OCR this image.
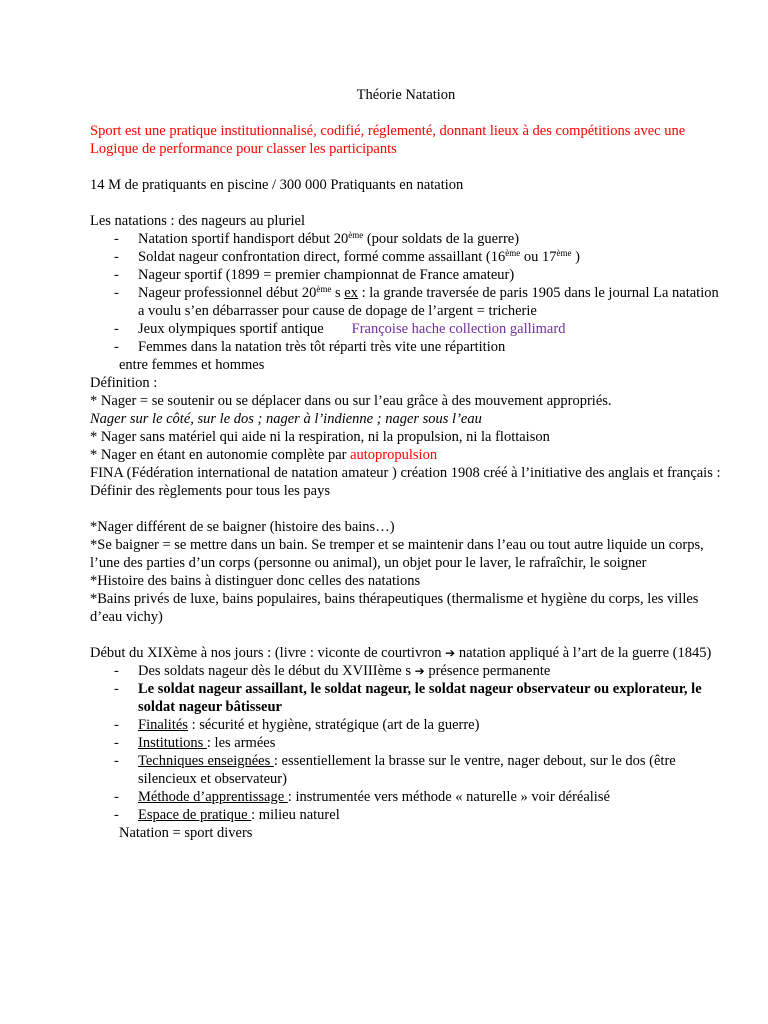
Théorie Natation

Sport est une pratique institutionnalisé, codifié, réglementé, donnant lieux à des compétitions avec une Logique de performance pour classer les participants

14 M de pratiquants en piscine / 300 000 Pratiquants en natation

Les natations : des nageurs au pluriel

- Natation sportif handisport début 20ème (pour soldats de la guerre)
- Soldat nageur confrontation direct, formé comme assaillant (16ème ou 17ème )
- Nageur sportif (1899 = premier championnat de France amateur)
- Nageur professionnel début 20ème s ex : la grande traversée de paris 1905 dans le journal La natation a voulu s’en débarrasser pour cause de dopage de l’argent = tricherie
- Jeux olympiques sportif antique Françoise hache collection gallimard
- Femmes dans la natation très tôt réparti très vite une répartition

entre femmes et hommes

Définition :

* Nager = se soutenir ou se déplacer dans ou sur l’eau grâce à des mouvement appropriés.

Nager sur le côté, sur le dos ; nager à l’indienne ; nager sous l’eau

* Nager sans matériel qui aide ni la respiration, ni la propulsion, ni la flottaison

* Nager en étant en autonomie complète par autopropulsion

FINA (Fédération international de natation amateur ) création 1908 créé à l’initiative des anglais et français : Définir des règlements pour tous les pays

*Nager différent de se baigner (histoire des bains…)

*Se baigner = se mettre dans un bain. Se tremper et se maintenir dans l’eau ou tout autre liquide un corps, l’une des parties d’un corps (personne ou animal), un objet pour le laver, le rafraîchir, le soigner

*Histoire des bains à distinguer donc celles des natations

*Bains privés de luxe, bains populaires, bains thérapeutiques (thermalisme et hygiène du corps, les villes d’eau vichy)

Début du XIXème à nos jours : (livre : viconte de courtivron ➔ natation appliqué à l’art de la guerre (1845)

- Des soldats nageur dès le début du XVIIIème s ➔ présence permanente
- Le soldat nageur assaillant, le soldat nageur, le soldat nageur observateur ou explorateur, le soldat nageur bâtisseur
- Finalités : sécurité et hygiène, stratégique (art de la guerre)
- Institutions : les armées
- Techniques enseignées : essentiellement la brasse sur le ventre, nager debout, sur le dos (être silencieux et observateur)
- Méthode d’apprentissage : instrumentée vers méthode « naturelle » voir déréalisé
- Espace de pratique : milieu naturel

Natation = sport divers
